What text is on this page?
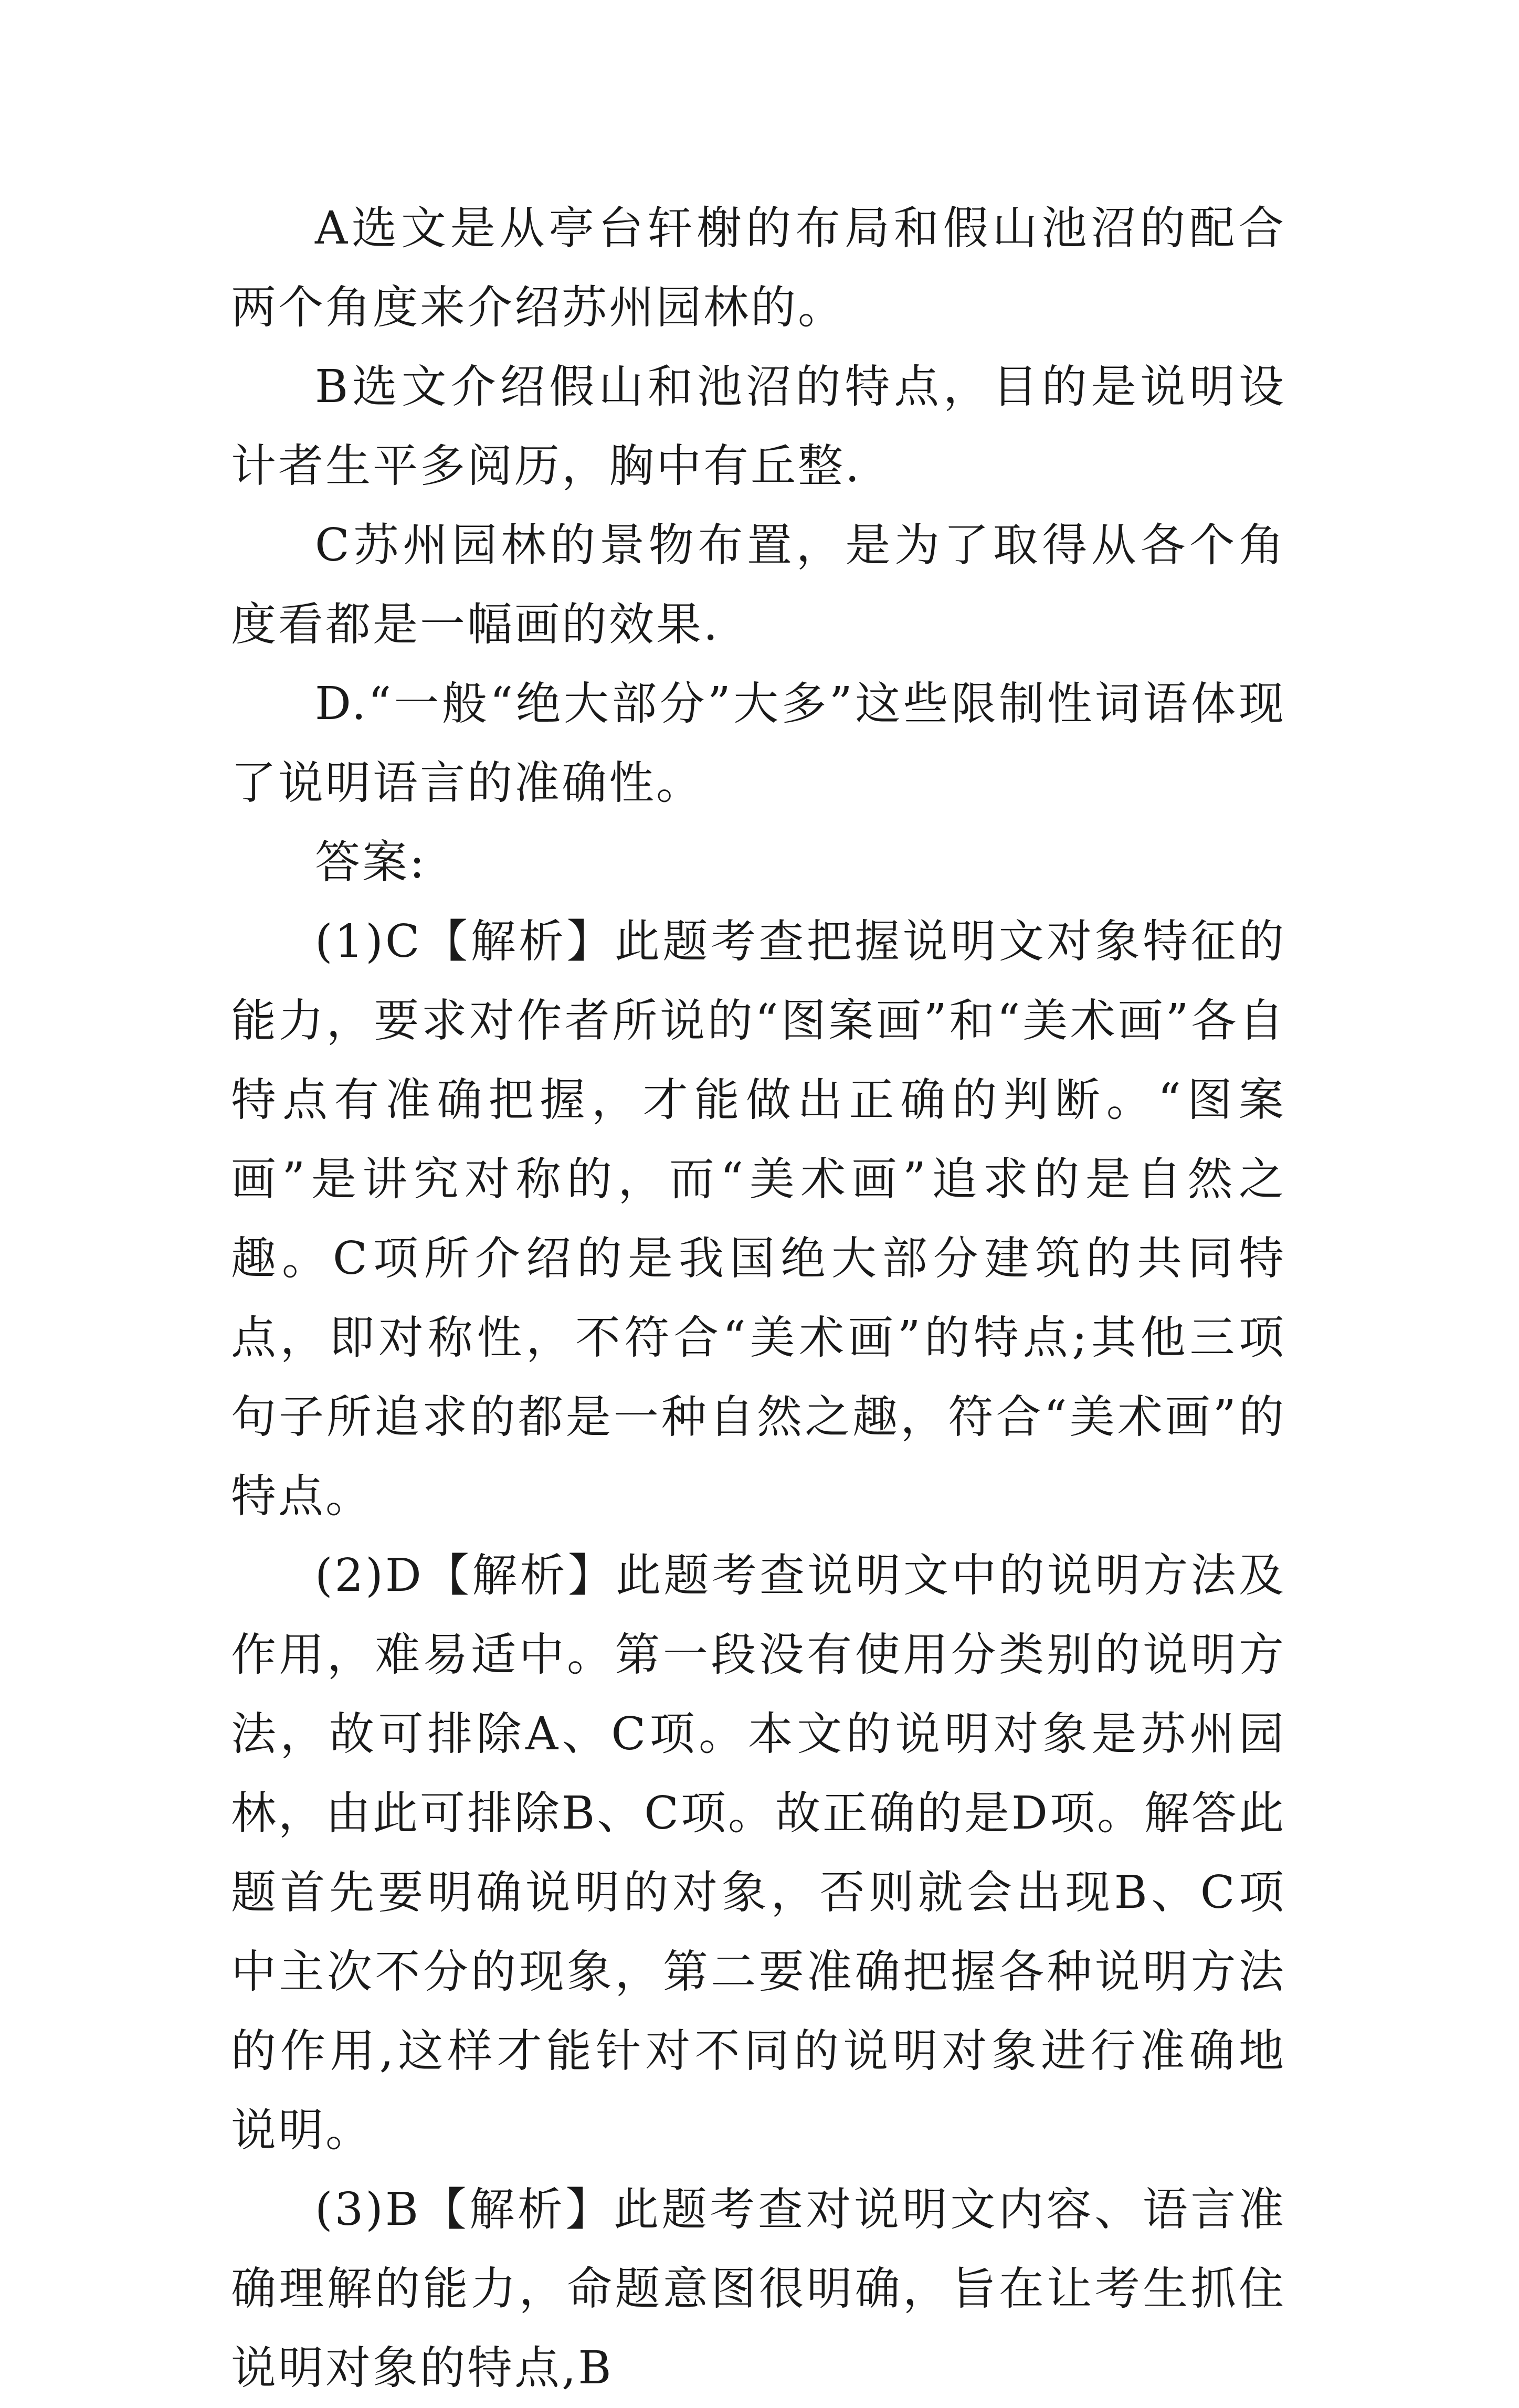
A选文是从亭台轩榭的布局和假山池沼的配合两个角度来介绍苏州园林的。

B选文介绍假山和池沼的特点，目的是说明设计者生平多阅历，胸中有丘整.

C苏州园林的景物布置，是为了取得从各个角度看都是一幅画的效果.

D.“一般“绝大部分”大多”这些限制性词语体现了说明语言的准确性。

答案:

(1)C【解析】此题考查把握说明文对象特征的能力，要求对作者所说的“图案画”和“美术画”各自特点有准确把握，才能做出正确的判断。“图案画”是讲究对称的，而“美术画”追求的是自然之趣。C项所介绍的是我国绝大部分建筑的共同特点，即对称性，不符合“美术画”的特点;其他三项句子所追求的都是一种自然之趣，符合“美术画”的特点。

(2)D【解析】此题考查说明文中的说明方法及作用，难易适中。第一段没有使用分类别的说明方法，故可排除A、C项。本文的说明对象是苏州园林，由此可排除B、C项。故正确的是D项。解答此题首先要明确说明的对象，否则就会出现B、C项中主次不分的现象，第二要准确把握各种说明方法的作用,这样才能针对不同的说明对象进行准确地说明。

(3)B【解析】此题考查对说明文内容、语言准确理解的能力，命题意图很明确，旨在让考生抓住说明对象的特点,B
